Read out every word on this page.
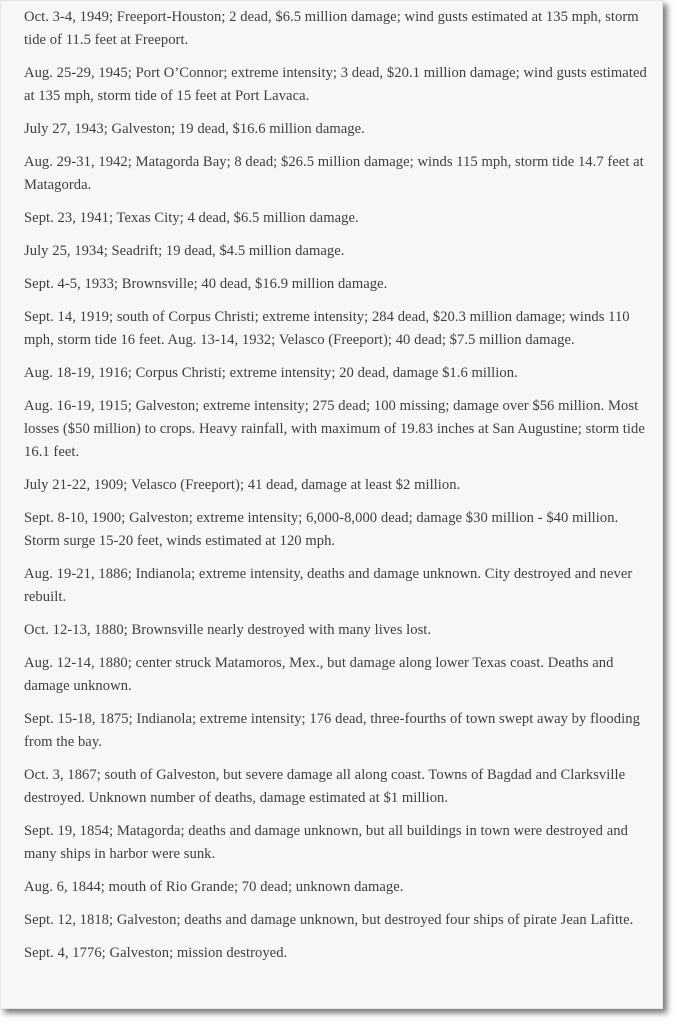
Oct. 3-4, 1949; Freeport-Houston; 2 dead, $6.5 million damage; wind gusts estimated at 135 mph, storm tide of 11.5 feet at Freeport.

Aug. 25-29, 1945; Port O’Connor; extreme intensity; 3 dead, $20.1 million damage; wind gusts estimated at 135 mph, storm tide of 15 feet at Port Lavaca.

July 27, 1943; Galveston; 19 dead, $16.6 million damage.

Aug. 29-31, 1942; Matagorda Bay; 8 dead; $26.5 million damage; winds 115 mph, storm tide 14.7 feet at Matagorda.

Sept. 23, 1941; Texas City; 4 dead, $6.5 million damage.

July 25, 1934; Seadrift; 19 dead, $4.5 million damage.

Sept. 4-5, 1933; Brownsville; 40 dead, $16.9 million damage.

Sept. 14, 1919; south of Corpus Christi; extreme intensity; 284 dead, $20.3 million damage; winds 110 mph, storm tide 16 feet. Aug. 13-14, 1932; Velasco (Freeport); 40 dead; $7.5 million damage.

Aug. 18-19, 1916; Corpus Christi; extreme intensity; 20 dead, damage $1.6 million.

Aug. 16-19, 1915; Galveston; extreme intensity; 275 dead; 100 missing; damage over $56 million. Most losses ($50 million) to crops. Heavy rainfall, with maximum of 19.83 inches at San Augustine; storm tide 16.1 feet.

July 21-22, 1909; Velasco (Freeport); 41 dead, damage at least $2 million.

Sept. 8-10, 1900; Galveston; extreme intensity; 6,000-8,000 dead; damage $30 million - $40 million. Storm surge 15-20 feet, winds estimated at 120 mph.

Aug. 19-21, 1886; Indianola; extreme intensity, deaths and damage unknown. City destroyed and never rebuilt.

Oct. 12-13, 1880; Brownsville nearly destroyed with many lives lost.

Aug. 12-14, 1880; center struck Matamoros, Mex., but damage along lower Texas coast. Deaths and damage unknown.

Sept. 15-18, 1875; Indianola; extreme intensity; 176 dead, three-fourths of town swept away by flooding from the bay.

Oct. 3, 1867; south of Galveston, but severe damage all along coast. Towns of Bagdad and Clarksville destroyed. Unknown number of deaths, damage estimated at $1 million.

Sept. 19, 1854; Matagorda; deaths and damage unknown, but all buildings in town were destroyed and many ships in harbor were sunk.

Aug. 6, 1844; mouth of Rio Grande; 70 dead; unknown damage.

Sept. 12, 1818; Galveston; deaths and damage unknown, but destroyed four ships of pirate Jean Lafitte.

Sept. 4, 1776; Galveston; mission destroyed.
